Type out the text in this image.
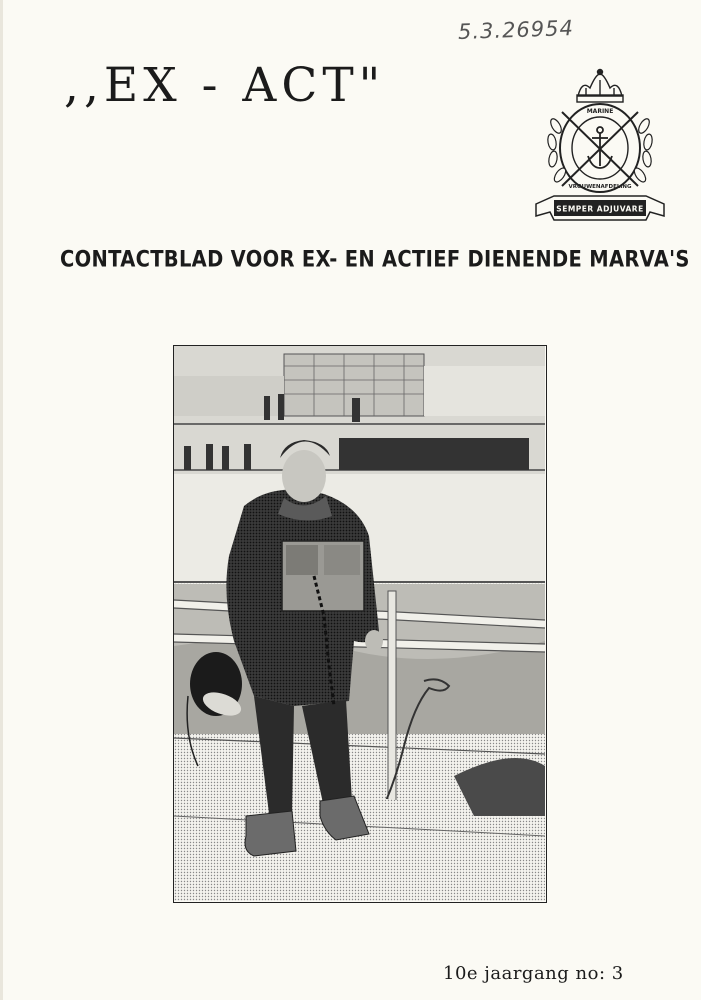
5.3.26954
,,EX - ACT"	MARINE
VROUWENAFDELING
SEMPER ADJUVARE
CONTACTBLAD VOOR EX- EN ACTIEF DIENENDE MARVA'S
10e jaargang no: 3
